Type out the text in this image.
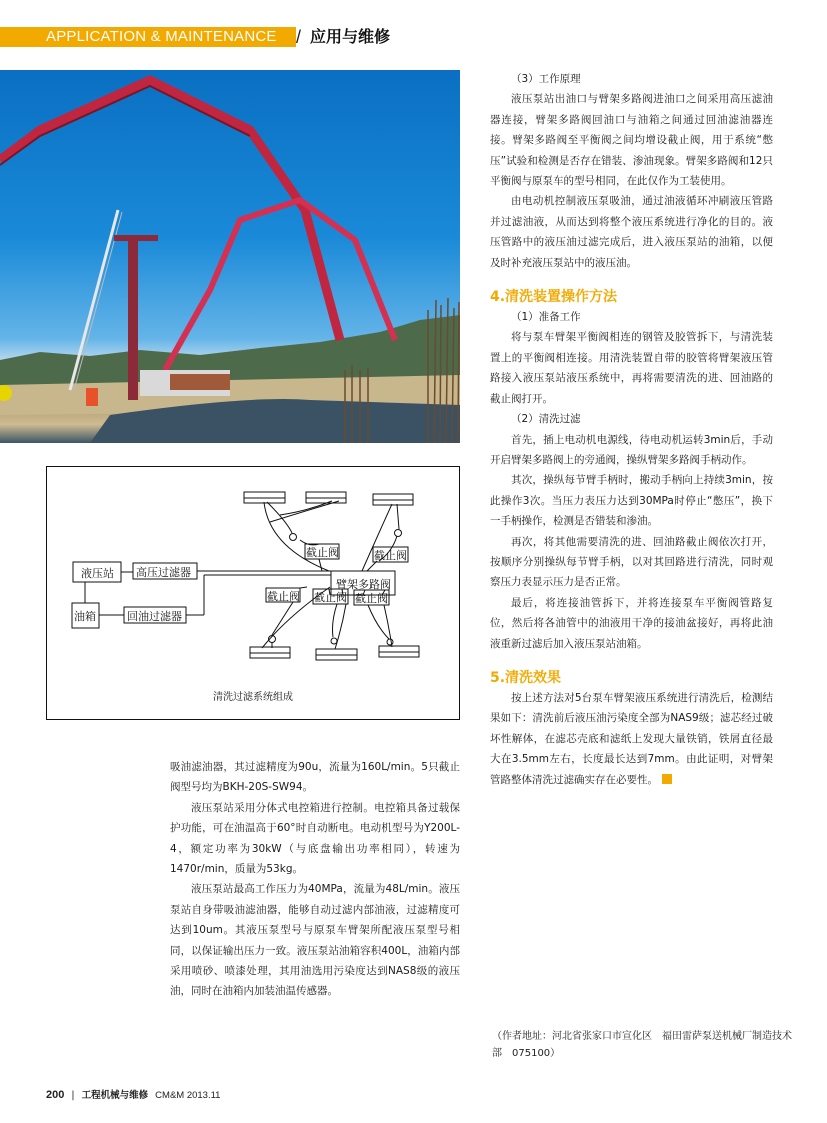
APPLICATION & MAINTENANCE / 应用与维修
液压站 高压过滤器
油箱	回油过滤器
臂架多路阀
截止阀	截止阀
截止阀 截止阀 截止阀
清洗过滤系统组成

吸油滤油器，其过滤精度为90u，流量为160L/min。5只截止阀型号均为BKH-20S-SW94。

液压泵站采用分体式电控箱进行控制。电控箱具备过载保护功能，可在油温高于60°时自动断电。电动机型号为Y200L-4，额定功率为30kW（与底盘输出功率相同），转速为1470r/min，质量为53kg。

液压泵站最高工作压力为40MPa，流量为48L/min。液压泵站自身带吸油滤油器，能够自动过滤内部油液，过滤精度可达到10um。其液压泵型号与原泵车臂架所配液压泵型号相同，以保证输出压力一致。液压泵站油箱容积400L，油箱内部采用喷砂、喷漆处理，其用油选用污染度达到NAS8级的液压油，同时在油箱内加装油温传感器。

（3）工作原理

液压泵站出油口与臂架多路阀进油口之间采用高压滤油器连接，臂架多路阀回油口与油箱之间通过回油滤油器连接。臂架多路阀至平衡阀之间均增设截止阀，用于系统“憋压”试验和检测是否存在错装、渗油现象。臂架多路阀和12只平衡阀与原泵车的型号相同，在此仅作为工装使用。

由电动机控制液压泵吸油，通过油液循环冲刷液压管路并过滤油液，从而达到将整个液压系统进行净化的目的。液压管路中的液压油过滤完成后，进入液压泵站的油箱，以便及时补充液压泵站中的液压油。

4.清洗装置操作方法

（1）准备工作

将与泵车臂架平衡阀相连的钢管及胶管拆下，与清洗装置上的平衡阀相连接。用清洗装置自带的胶管将臂架液压管路接入液压泵站液压系统中，再将需要清洗的进、回油路的截止阀打开。

（2）清洗过滤

首先，插上电动机电源线，待电动机运转3min后，手动开启臂架多路阀上的旁通阀，操纵臂架多路阀手柄动作。

其次，操纵每节臂手柄时，搬动手柄向上持续3min，按此操作3次。当压力表压力达到30MPa时停止“憋压”，换下一手柄操作，检测是否错装和渗油。

再次，将其他需要清洗的进、回油路截止阀依次打开，按顺序分别操纵每节臂手柄，以对其回路进行清洗，同时观察压力表显示压力是否正常。

最后，将连接油管拆下，并将连接泵车平衡阀管路复位，然后将各油管中的油液用干净的接油盆接好，再将此油液重新过滤后加入液压泵站油箱。

5.清洗效果

按上述方法对5台泵车臂架液压系统进行清洗后，检测结果如下：清洗前后液压油污染度全部为NAS9级；滤芯经过破坏性解体，在滤芯壳底和滤纸上发现大量铁销，铁屑直径最大在3.5mm左右，长度最长达到7mm。由此证明，对臂架管路整体清洗过滤确实存在必要性。

（作者地址：河北省张家口市宣化区　福田雷萨泵送机械厂制造技术部　075100）
200 | 工程机械与维修 CM&M 2013.11
